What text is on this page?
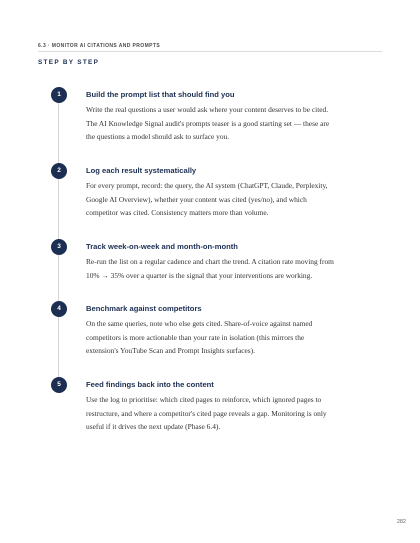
6.3 · MONITOR AI CITATIONS AND PROMPTS
STEP BY STEP
1	Build the prompt list that should find you

Write the real questions a user would ask where your content deserves to be cited.
The AI Knowledge Signal audit's prompts teaser is a good starting set — these are
the questions a model should ask to surface you.

2	Log each result systematically

For every prompt, record: the query, the AI system (ChatGPT, Claude, Perplexity,
Google AI Overview), whether your content was cited (yes/no), and which
competitor was cited. Consistency matters more than volume.

3	Track week-on-week and month-on-month

Re-run the list on a regular cadence and chart the trend. A citation rate moving from
10% → 35% over a quarter is the signal that your interventions are working.

4	Benchmark against competitors

On the same queries, note who else gets cited. Share-of-voice against named
competitors is more actionable than your rate in isolation (this mirrors the
extension's YouTube Scan and Prompt Insights surfaces).

5	Feed findings back into the content

Use the log to prioritise: which cited pages to reinforce, which ignored pages to
restructure, and where a competitor's cited page reveals a gap. Monitoring is only
useful if it drives the next update (Phase 6.4).

282
